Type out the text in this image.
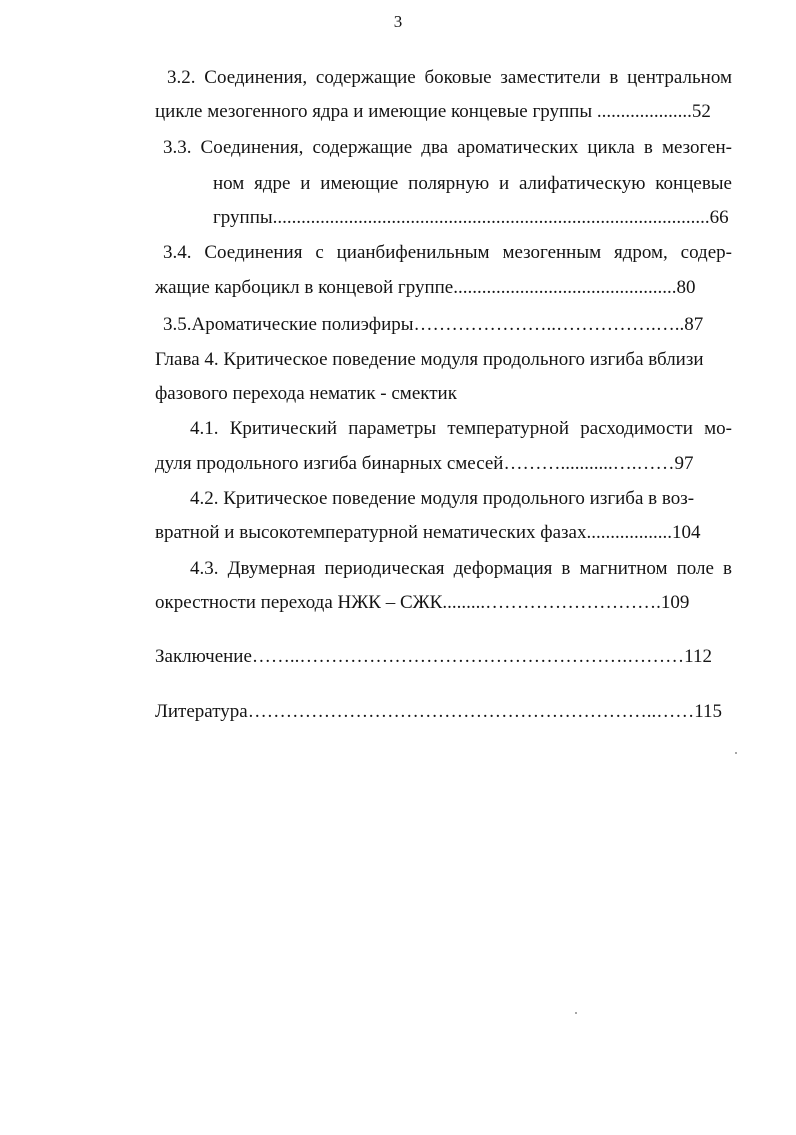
3
3.2. Соединения, содержащие боковые заместители в центральном
цикле мезогенного ядра и имеющие концевые группы ....................52
3.3. Соединения, содержащие два ароматических цикла в мезоген-
ном ядре и имеющие полярную и алифатическую концевые
группы............................................................................................66
3.4. Соединения с цианбифенильным мезогенным ядром, содер-
жащие карбоцикл в концевой группе...............................................80
3.5.Ароматические полиэфиры…………………..…………….…..87
Глава 4. Критическое поведение модуля продольного изгиба вблизи
фазового перехода нематик - смектик
4.1. Критический параметры температурной расходимости мо-
дуля продольного изгиба бинарных смесей………...........….……97
4.2. Критическое поведение модуля продольного изгиба в воз-
вратной и высокотемпературной нематических фазах..................104
4.3. Двумерная периодическая деформация в магнитном поле в
окрестности перехода НЖК – СЖК.........……………………….109
Заключение……..…………………………………………….………112
Литература………………………………………………………..……115
